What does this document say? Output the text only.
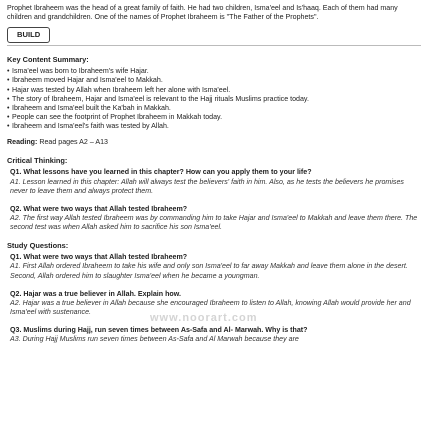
Prophet Ibraheem was the head of a great family of faith. He had two children, Isma'eel and Is'haaq. Each of them had many children and grandchildren. One of the names of Prophet Ibraheem is "The Father of the Prophets".

BUILD
Key Content Summary:
• Isma'eel was born to Ibraheem's wife Hajar.
• Ibraheem moved Hajar and Isma'eel to Makkah.
• Hajar was tested by Allah when Ibraheem left her alone with Isma'eel.
• The story of Ibraheem, Hajar and Isma'eel is relevant to the Hajj rituals Muslims practice today.
• Ibraheem and Isma'eel built the Ka'bah in Makkah.
• People can see the footprint of Prophet Ibraheem in Makkah today.
• Ibraheem and Isma'eel's faith was tested by Allah.
Reading: Read pages A2 – A13
Critical Thinking:

Q1. What lessons have you learned in this chapter? How can you apply them to your life?

A1. Lesson learned in this chapter: Allah will always test the believers' faith in him. Also, as he tests the believers he promises never to leave them and always protect them.

Q2. What were two ways that Allah tested Ibraheem?

A2. The first way Allah tested Ibraheem was by commanding him to take Hajar and Isma'eel to Makkah and leave them there. The second test was when Allah asked him to sacrifice his son Isma'eel.

Study Questions:

Q1. What were two ways that Allah tested Ibraheem?

A1. First Allah ordered Ibraheem to take his wife and only son Isma'eel to far away Makkah and leave them alone in the desert. Second, Allah ordered him to slaughter Isma'eel when he became a youngman.

Q2. Hajar was a true believer in Allah. Explain how.

A2. Hajar was a true believer in Allah because she encouraged Ibraheem to listen to Allah, knowing Allah would provide her and Isma'eel with sustenance.

Q3. Muslims during Hajj, run seven times between As-Safa and Al- Marwah. Why is that?

A3. During Hajj Muslims run seven times between As-Safa and Al Marwah because they are

www.noorart.com
